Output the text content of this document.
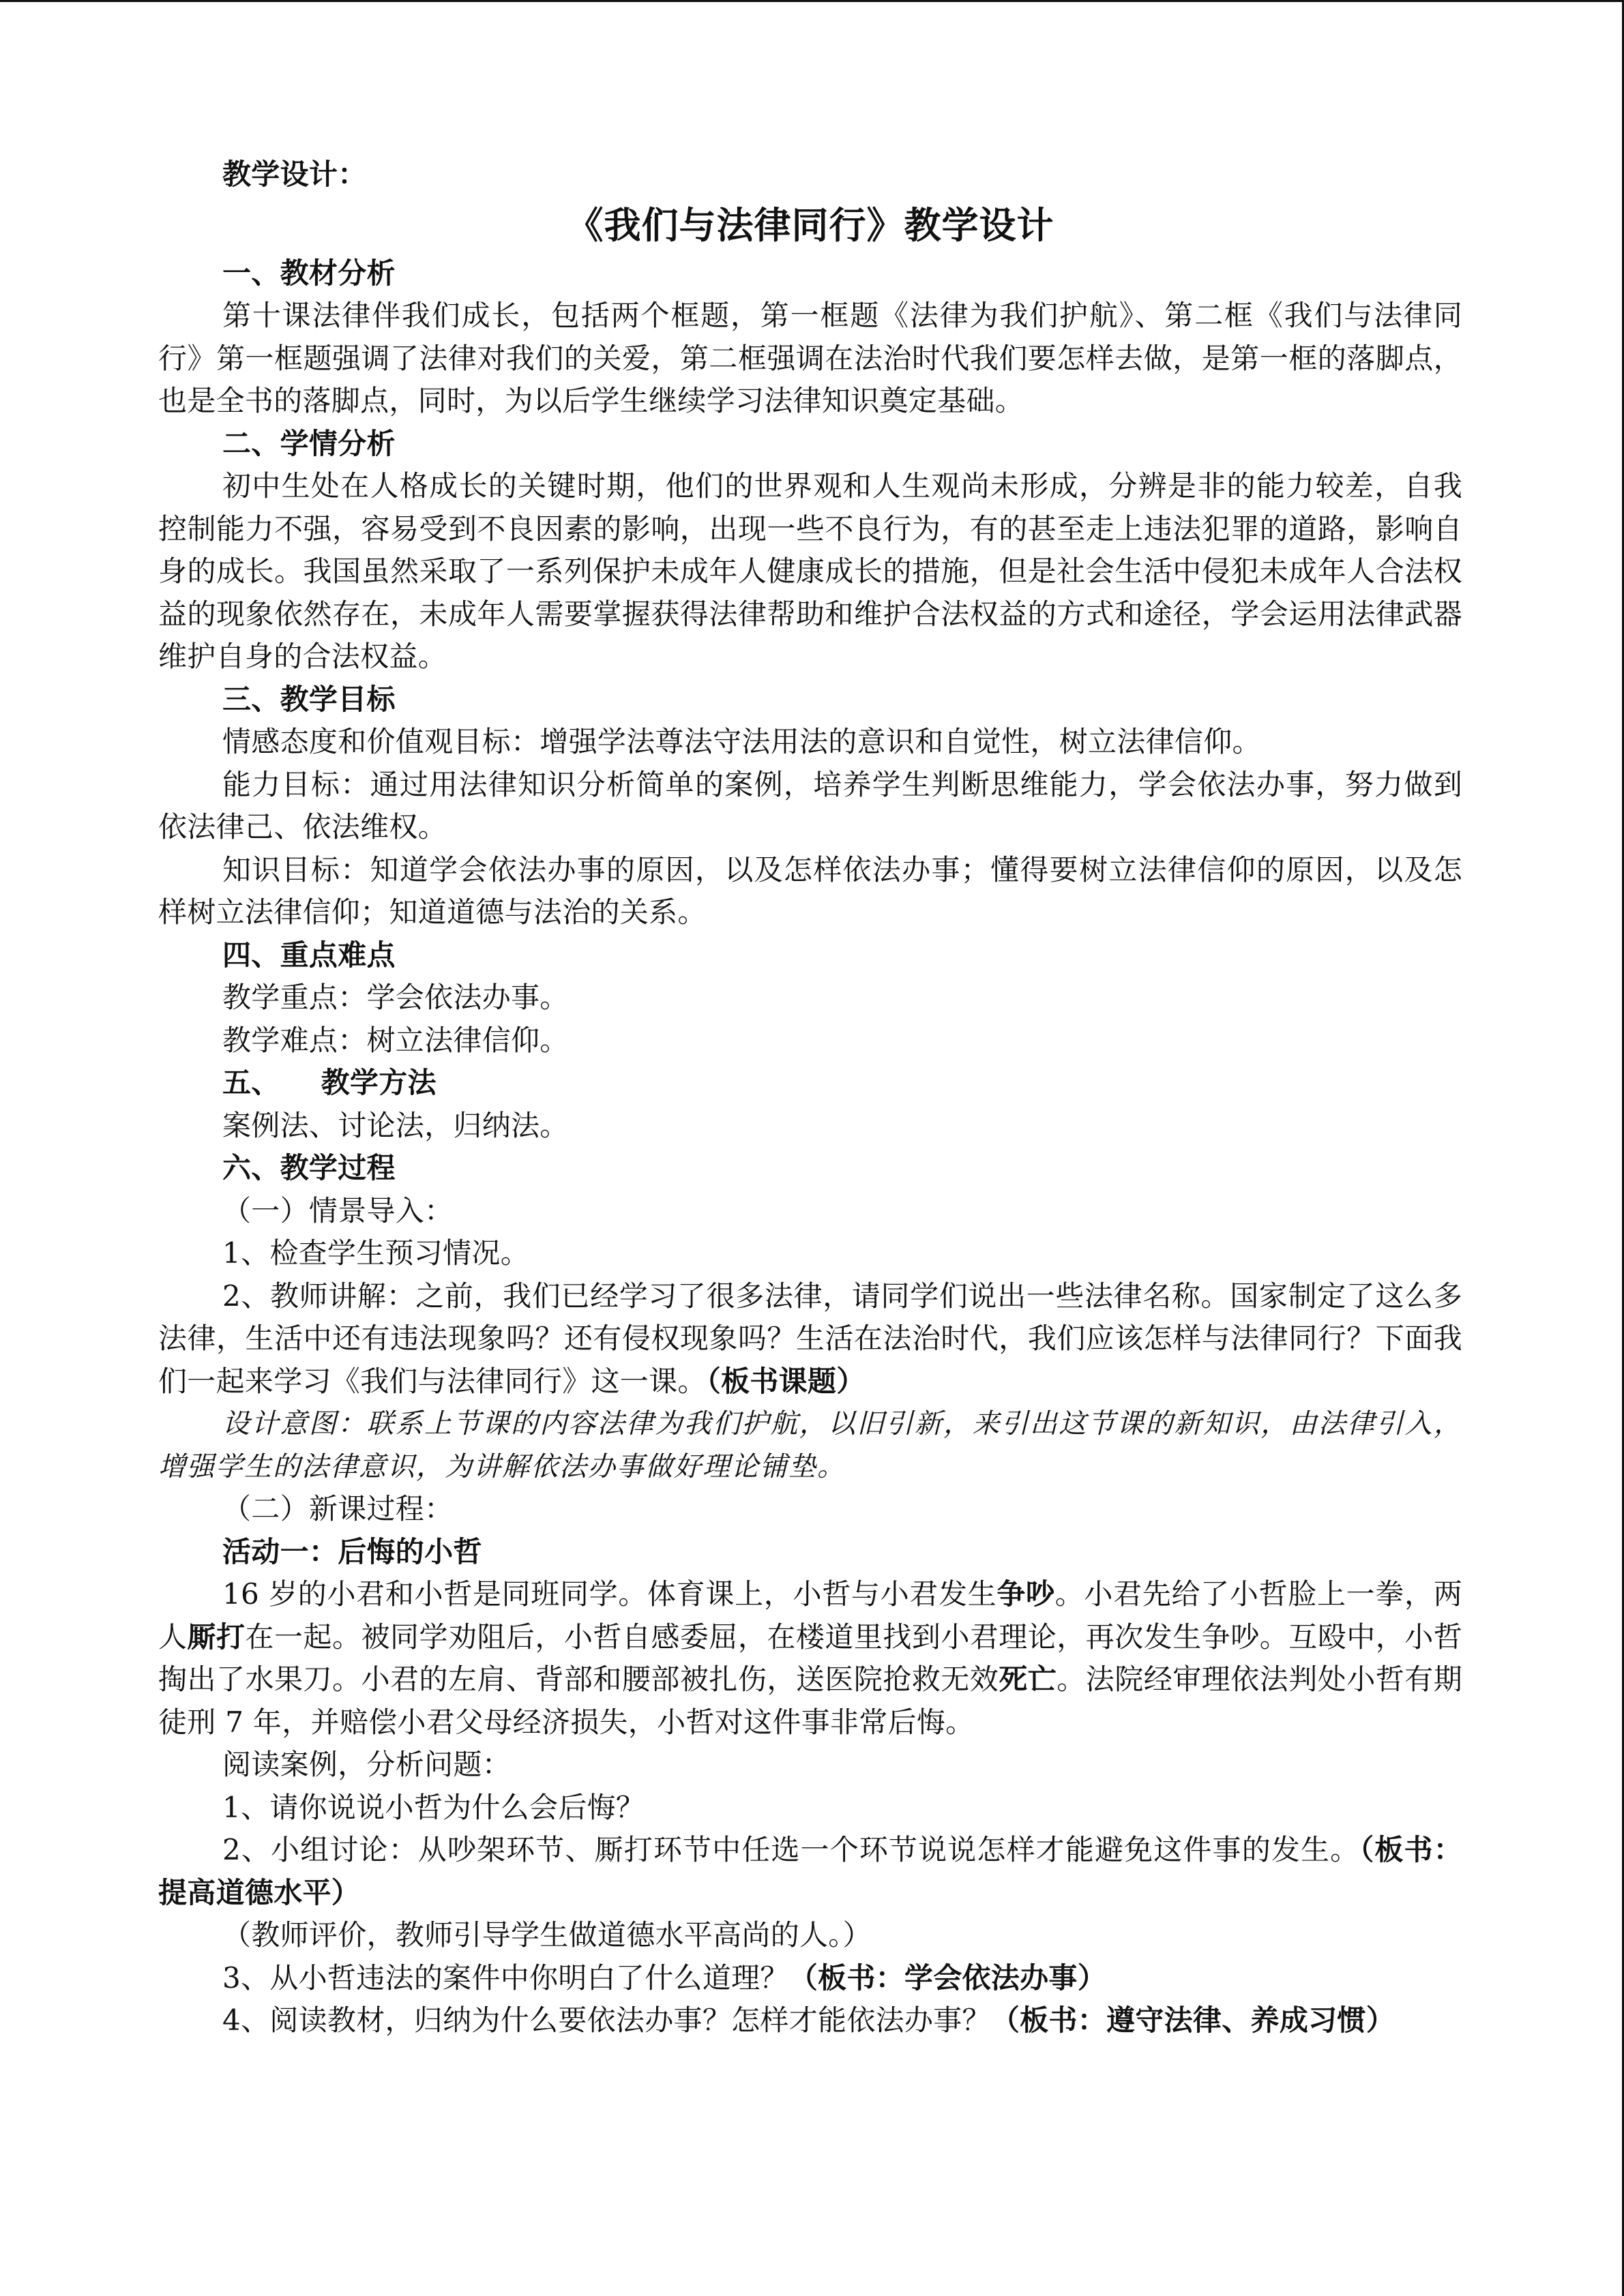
教学设计：

《我们与法律同行》教学设计

一、教材分析

第十课法律伴我们成长，包括两个框题，第一框题《法律为我们护航》、第二框《我们与法律同行》第一框题强调了法律对我们的关爱，第二框强调在法治时代我们要怎样去做，是第一框的落脚点，也是全书的落脚点，同时，为以后学生继续学习法律知识奠定基础。

二、学情分析

初中生处在人格成长的关键时期，他们的世界观和人生观尚未形成，分辨是非的能力较差，自我控制能力不强，容易受到不良因素的影响，出现一些不良行为，有的甚至走上违法犯罪的道路，影响自身的成长。我国虽然采取了一系列保护未成年人健康成长的措施，但是社会生活中侵犯未成年人合法权益的现象依然存在，未成年人需要掌握获得法律帮助和维护合法权益的方式和途径，学会运用法律武器维护自身的合法权益。

三、教学目标

情感态度和价值观目标：增强学法尊法守法用法的意识和自觉性，树立法律信仰。

能力目标：通过用法律知识分析简单的案例，培养学生判断思维能力，学会依法办事，努力做到依法律己、依法维权。

知识目标：知道学会依法办事的原因，以及怎样依法办事；懂得要树立法律信仰的原因，以及怎样树立法律信仰；知道道德与法治的关系。

四、重点难点

教学重点：学会依法办事。

教学难点：树立法律信仰。

五、 教学方法

案例法、讨论法，归纳法。

六、教学过程

（一）情景导入：

1、检查学生预习情况。

2、教师讲解：之前，我们已经学习了很多法律，请同学们说出一些法律名称。国家制定了这么多法律，生活中还有违法现象吗？还有侵权现象吗？生活在法治时代，我们应该怎样与法律同行？下面我们一起来学习《我们与法律同行》这一课。（板书课题）

设计意图：联系上节课的内容法律为我们护航，以旧引新，来引出这节课的新知识，由法律引入，增强学生的法律意识，为讲解依法办事做好理论铺垫。

（二）新课过程：

活动一：后悔的小哲

16 岁的小君和小哲是同班同学。体育课上，小哲与小君发生争吵。小君先给了小哲脸上一拳，两人厮打在一起。被同学劝阻后，小哲自感委屈，在楼道里找到小君理论，再次发生争吵。互殴中，小哲掏出了水果刀。小君的左肩、背部和腰部被扎伤，送医院抢救无效死亡。法院经审理依法判处小哲有期徒刑 7 年，并赔偿小君父母经济损失，小哲对这件事非常后悔。

阅读案例，分析问题：

1、请你说说小哲为什么会后悔？

2、小组讨论：从吵架环节、厮打环节中任选一个环节说说怎样才能避免这件事的发生。（板书：提高道德水平）

（教师评价，教师引导学生做道德水平高尚的人。）

3、从小哲违法的案件中你明白了什么道理？（板书：学会依法办事）

4、阅读教材，归纳为什么要依法办事？怎样才能依法办事？（板书：遵守法律、养成习惯）
